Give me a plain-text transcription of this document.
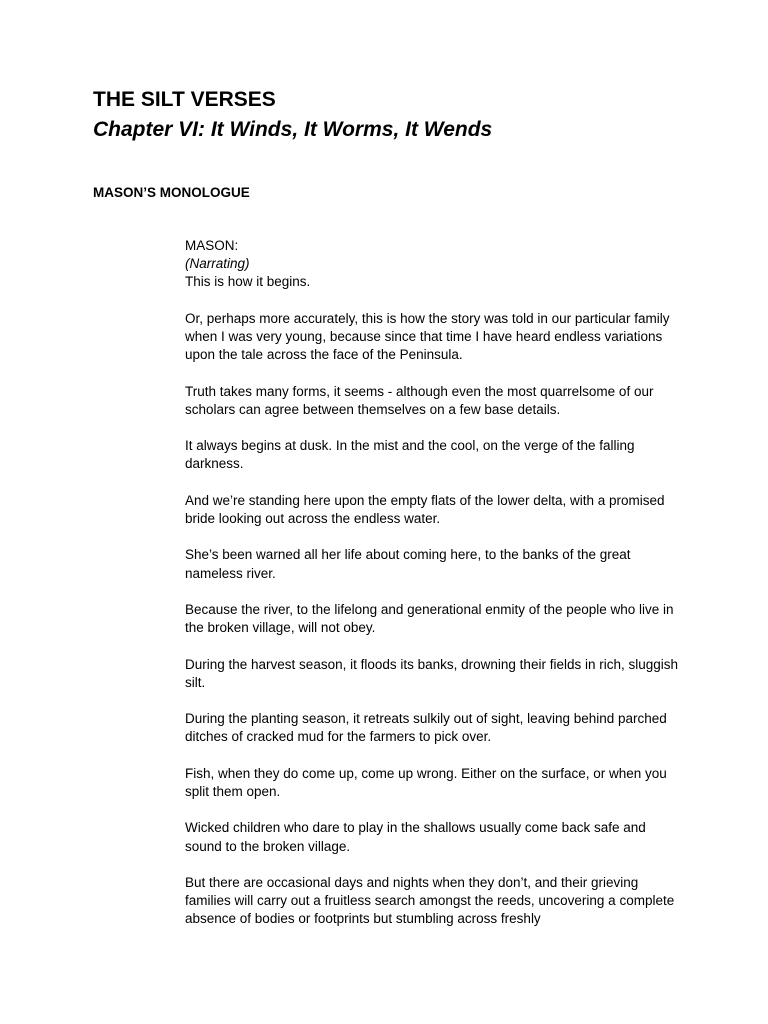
THE SILT VERSES
Chapter VI: It Winds, It Worms, It Wends
MASON’S MONOLOGUE
MASON:
(Narrating)

This is how it begins.

Or, perhaps more accurately, this is how the story was told in our particular family when I was very young, because since that time I have heard endless variations upon the tale across the face of the Peninsula.

Truth takes many forms, it seems - although even the most quarrelsome of our scholars can agree between themselves on a few base details.

It always begins at dusk. In the mist and the cool, on the verge of the falling darkness.

And we’re standing here upon the empty flats of the lower delta, with a promised bride looking out across the endless water.

She’s been warned all her life about coming here, to the banks of the great nameless river.

Because the river, to the lifelong and generational enmity of the people who live in the broken village, will not obey.

During the harvest season, it floods its banks, drowning their fields in rich, sluggish silt.

During the planting season, it retreats sulkily out of sight, leaving behind parched ditches of cracked mud for the farmers to pick over.

Fish, when they do come up, come up wrong. Either on the surface, or when you split them open.

Wicked children who dare to play in the shallows usually come back safe and sound to the broken village.

But there are occasional days and nights when they don’t, and their grieving families will carry out a fruitless search amongst the reeds, uncovering a complete absence of bodies or footprints but stumbling across freshly
